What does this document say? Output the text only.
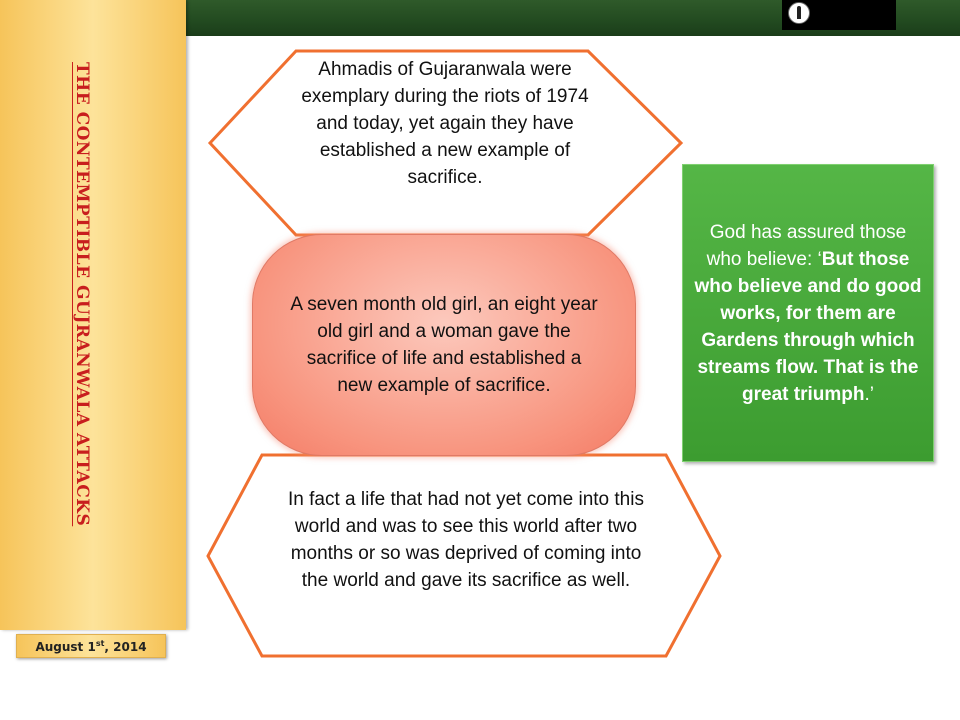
THE CONTEMPTIBLE GUJRANWALA ATTACKS
August 1st, 2014
Ahmadis of Gujaranwala were exemplary during the riots of 1974 and today, yet again they have established a new example of sacrifice.
A seven month old girl, an eight year old girl and a woman gave the sacrifice of life and established a new example of sacrifice.
In fact a life that had not yet come into this world and was to see this world after two months or so was deprived of coming into the world and gave its sacrifice as well.
God has assured those who believe: ‘But those who believe and do good works, for them are Gardens through which streams flow. That is the great triumph.’
